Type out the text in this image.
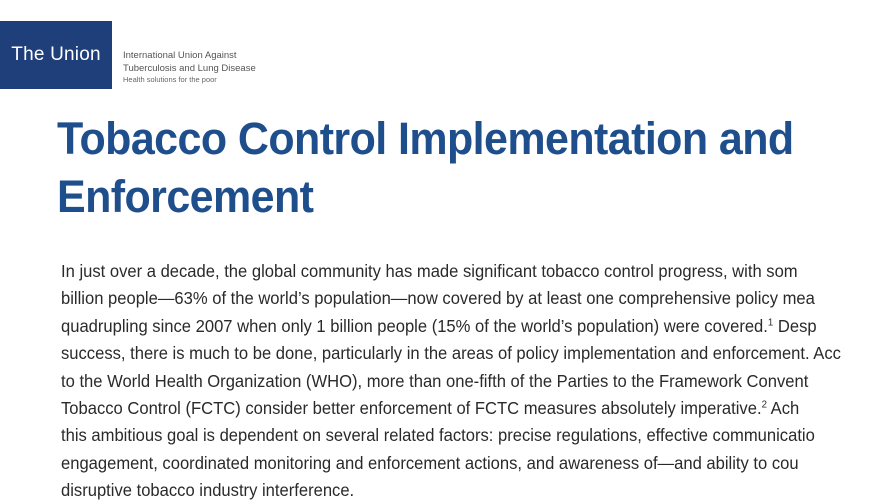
The Union International Union Against
Tuberculosis and Lung Disease
Health solutions for the poor
Tobacco Control Implementation and
Enforcement
In just over a decade, the global community has made significant tobacco control progress, with som
billion people—63% of the world’s population—now covered by at least one comprehensive policy mea
quadrupling since 2007 when only 1 billion people (15% of the world’s population) were covered.$^1$ Desp
success, there is much to be done, particularly in the areas of policy implementation and enforcement. Acc
to the World Health Organization (WHO), more than one-fifth of the Parties to the Framework Convent
Tobacco Control (FCTC) consider better enforcement of FCTC measures absolutely imperative.$^2$ Ach
this ambitious goal is dependent on several related factors: precise regulations, effective communicatio
engagement, coordinated monitoring and enforcement actions, and awareness of—and ability to cou
disruptive tobacco industry interference.
